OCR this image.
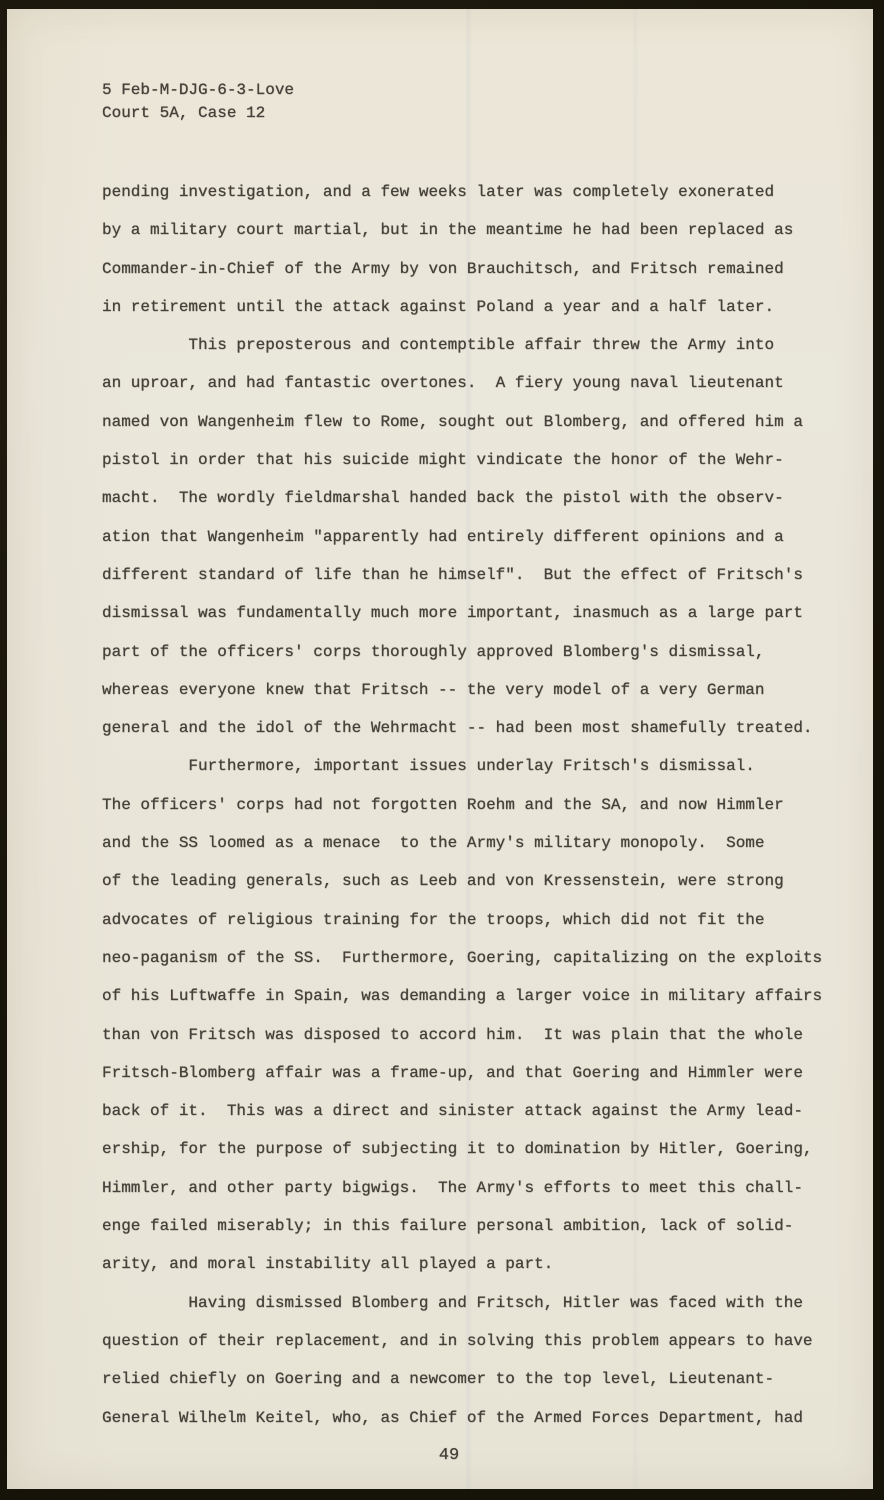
5 Feb-M-DJG-6-3-Love
Court 5A, Case 12
pending investigation, and a few weeks later was completely exonerated
by a military court martial, but in the meantime he had been replaced as
Commander-in-Chief of the Army by von Brauchitsch, and Fritsch remained
in retirement until the attack against Poland a year and a half later.
This preposterous and contemptible affair threw the Army into
an uproar, and had fantastic overtones.  A fiery young naval lieutenant
named von Wangenheim flew to Rome, sought out Blomberg, and offered him a
pistol in order that his suicide might vindicate the honor of the Wehr-
macht.  The wordly fieldmarshal handed back the pistol with the observ-
ation that Wangenheim "apparently had entirely different opinions and a
different standard of life than he himself".  But the effect of Fritsch's
dismissal was fundamentally much more important, inasmuch as a large part
part of the officers' corps thoroughly approved Blomberg's dismissal,
whereas everyone knew that Fritsch -- the very model of a very German
general and the idol of the Wehrmacht -- had been most shamefully treated.
Furthermore, important issues underlay Fritsch's dismissal.
The officers' corps had not forgotten Roehm and the SA, and now Himmler
and the SS loomed as a menace  to the Army's military monopoly.  Some
of the leading generals, such as Leeb and von Kressenstein, were strong
advocates of religious training for the troops, which did not fit the
neo-paganism of the SS.  Furthermore, Goering, capitalizing on the exploits
of his Luftwaffe in Spain, was demanding a larger voice in military affairs
than von Fritsch was disposed to accord him.  It was plain that the whole
Fritsch-Blomberg affair was a frame-up, and that Goering and Himmler were
back of it.  This was a direct and sinister attack against the Army lead-
ership, for the purpose of subjecting it to domination by Hitler, Goering,
Himmler, and other party bigwigs.  The Army's efforts to meet this chall-
enge failed miserably; in this failure personal ambition, lack of solid-
arity, and moral instability all played a part.
Having dismissed Blomberg and Fritsch, Hitler was faced with the
question of their replacement, and in solving this problem appears to have
relied chiefly on Goering and a newcomer to the top level, Lieutenant-
General Wilhelm Keitel, who, as Chief of the Armed Forces Department, had
49
